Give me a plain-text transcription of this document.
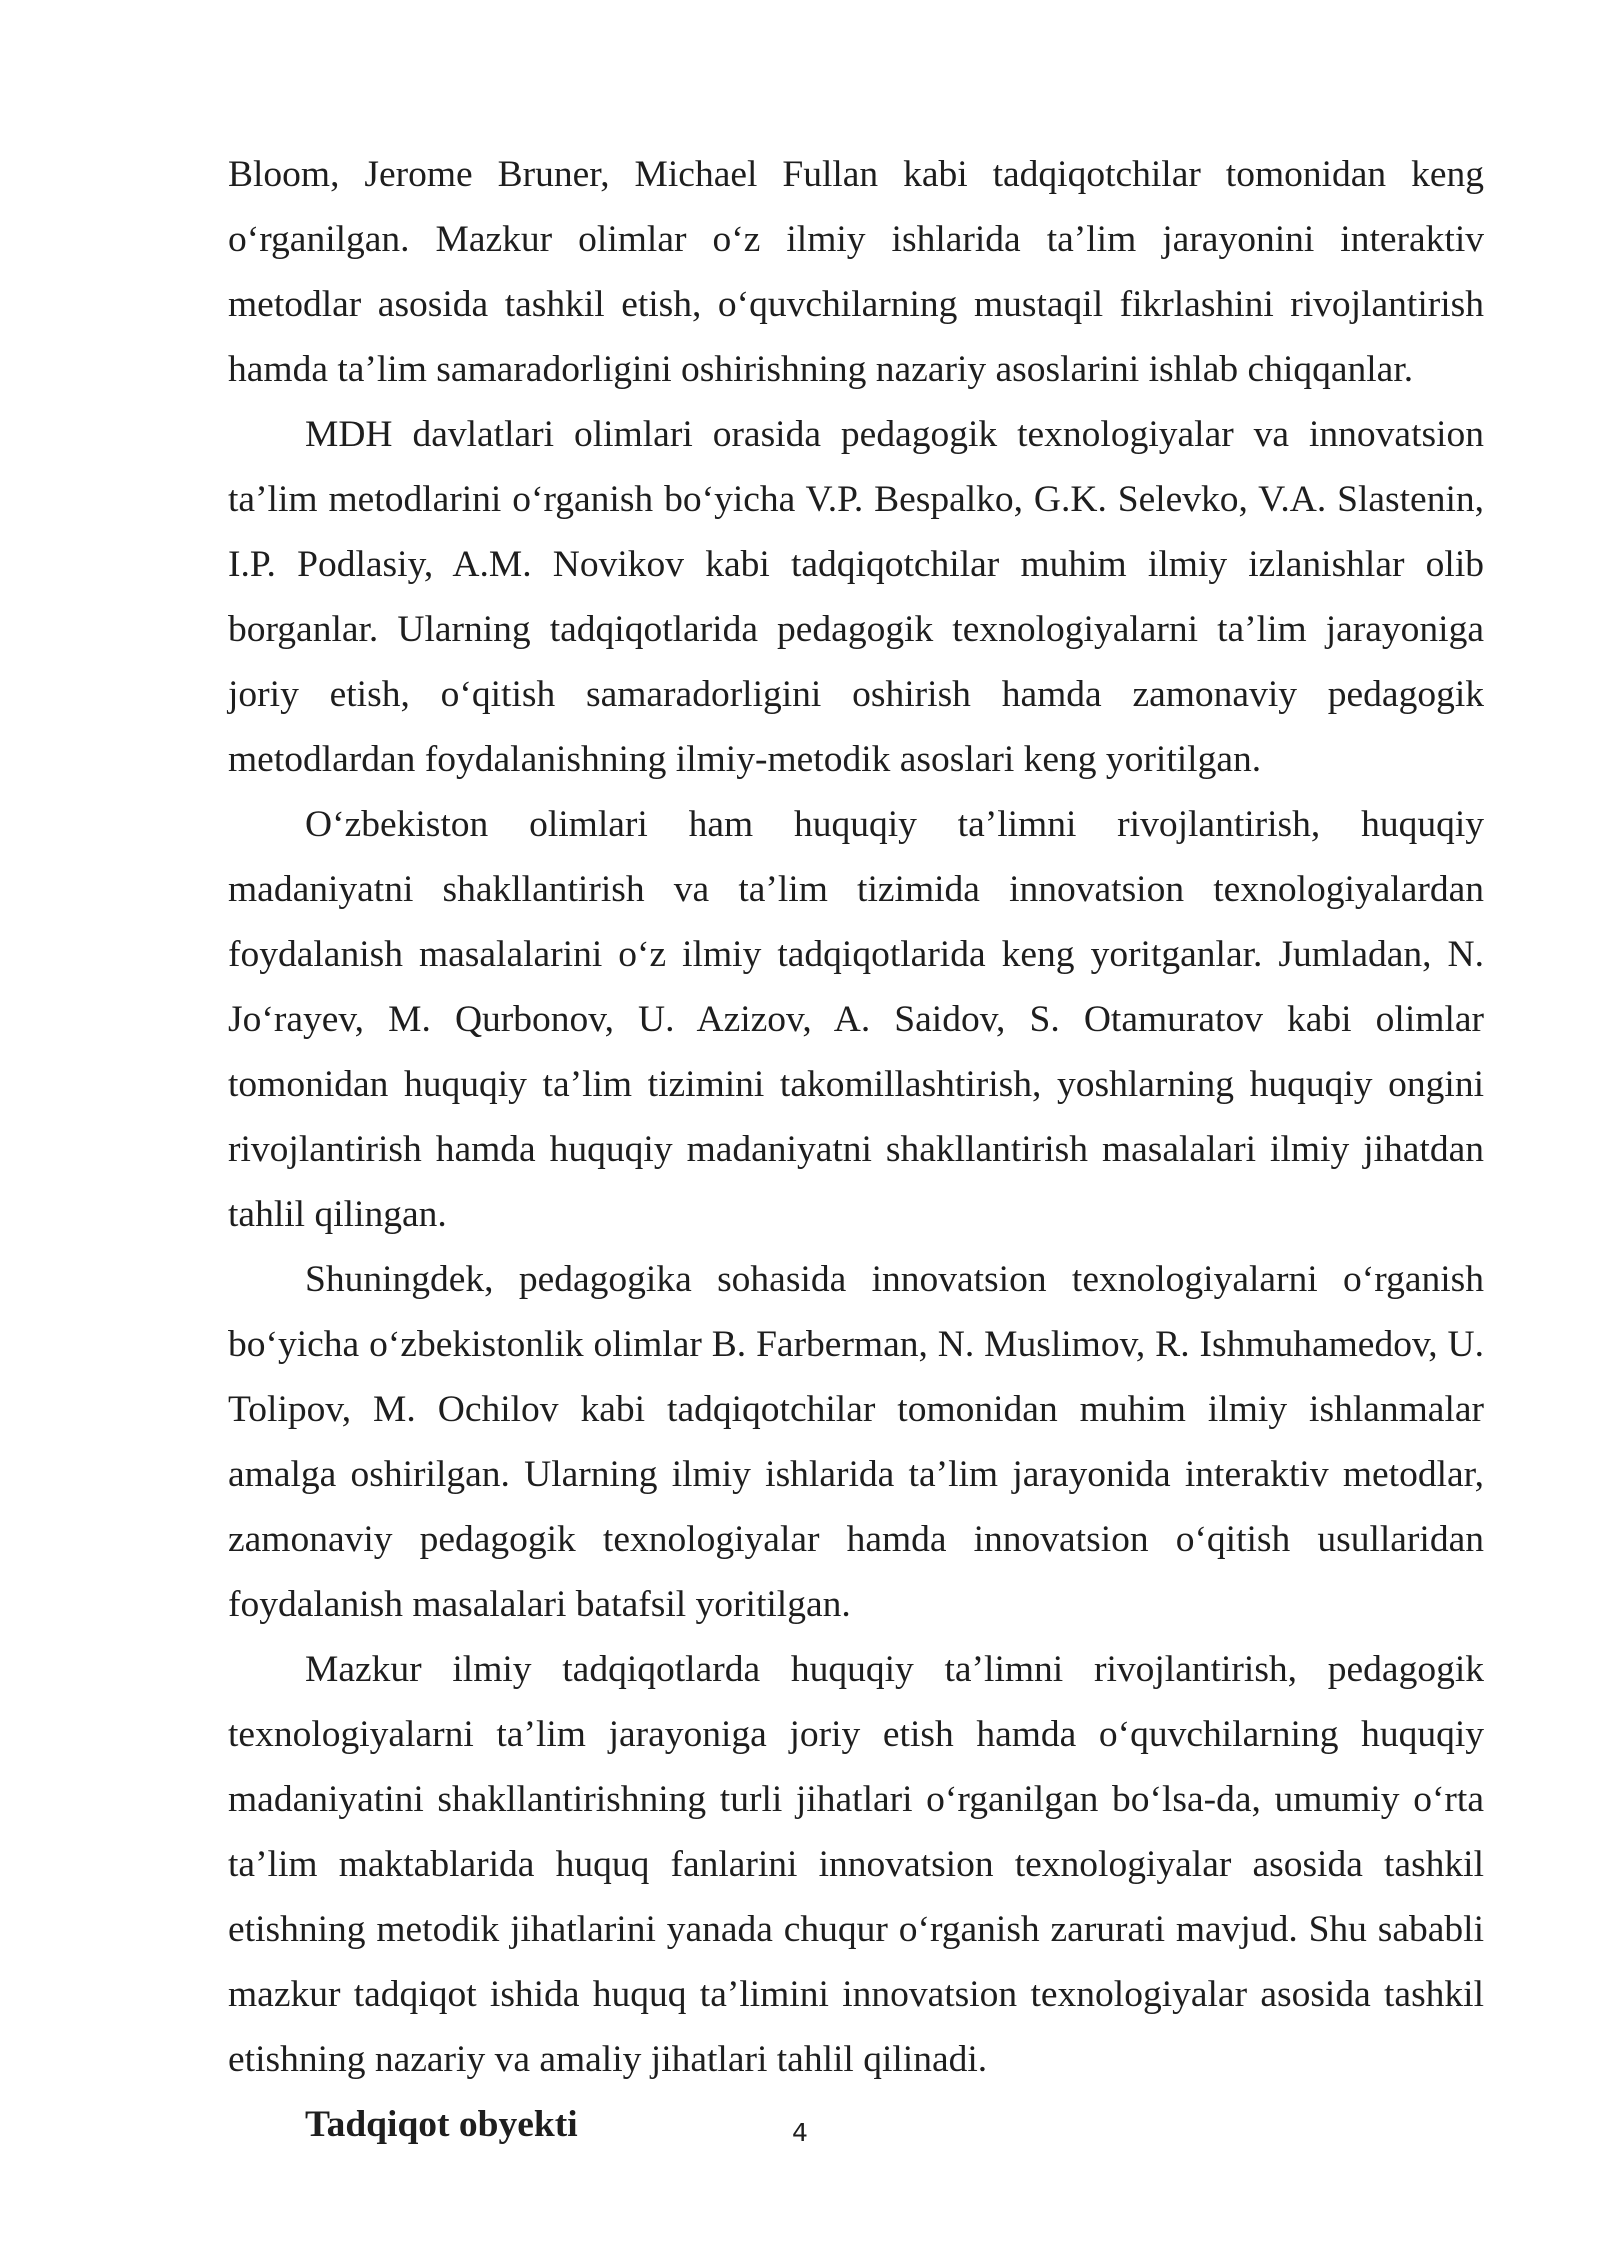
Bloom, Jerome Bruner, Michael Fullan kabi tadqiqotchilar tomonidan keng o‘rganilgan. Mazkur olimlar o‘z ilmiy ishlarida ta’lim jarayonini interaktiv metodlar asosida tashkil etish, o‘quvchilarning mustaqil fikrlashini rivojlantirish hamda ta’lim samaradorligini oshirishning nazariy asoslarini ishlab chiqqanlar.

MDH davlatlari olimlari orasida pedagogik texnologiyalar va innovatsion ta’lim metodlarini o‘rganish bo‘yicha V.P. Bespalko, G.K. Selevko, V.A. Slastenin, I.P. Podlasiy, A.M. Novikov kabi tadqiqotchilar muhim ilmiy izlanishlar olib borganlar. Ularning tadqiqotlarida pedagogik texnologiyalarni ta’lim jarayoniga joriy etish, o‘qitish samaradorligini oshirish hamda zamonaviy pedagogik metodlardan foydalanishning ilmiy-metodik asoslari keng yoritilgan.

O‘zbekiston olimlari ham huquqiy ta’limni rivojlantirish, huquqiy madaniyatni shakllantirish va ta’lim tizimida innovatsion texnologiyalardan foydalanish masalalarini o‘z ilmiy tadqiqotlarida keng yoritganlar. Jumladan, N. Jo‘rayev, M. Qurbonov, U. Azizov, A. Saidov, S. Otamuratov kabi olimlar tomonidan huquqiy ta’lim tizimini takomillashtirish, yoshlarning huquqiy ongini rivojlantirish hamda huquqiy madaniyatni shakllantirish masalalari ilmiy jihatdan tahlil qilingan.

Shuningdek, pedagogika sohasida innovatsion texnologiyalarni o‘rganish bo‘yicha o‘zbekistonlik olimlar B. Farberman, N. Muslimov, R. Ishmuhamedov, U. Tolipov, M. Ochilov kabi tadqiqotchilar tomonidan muhim ilmiy ishlanmalar amalga oshirilgan. Ularning ilmiy ishlarida ta’lim jarayonida interaktiv metodlar, zamonaviy pedagogik texnologiyalar hamda innovatsion o‘qitish usullaridan foydalanish masalalari batafsil yoritilgan.

Mazkur ilmiy tadqiqotlarda huquqiy ta’limni rivojlantirish, pedagogik texnologiyalarni ta’lim jarayoniga joriy etish hamda o‘quvchilarning huquqiy madaniyatini shakllantirishning turli jihatlari o‘rganilgan bo‘lsa-da, umumiy o‘rta ta’lim maktablarida huquq fanlarini innovatsion texnologiyalar asosida tashkil etishning metodik jihatlarini yanada chuqur o‘rganish zarurati mavjud. Shu sababli mazkur tadqiqot ishida huquq ta’limini innovatsion texnologiyalar asosida tashkil etishning nazariy va amaliy jihatlari tahlil qilinadi.

Tadqiqot obyekti	4
